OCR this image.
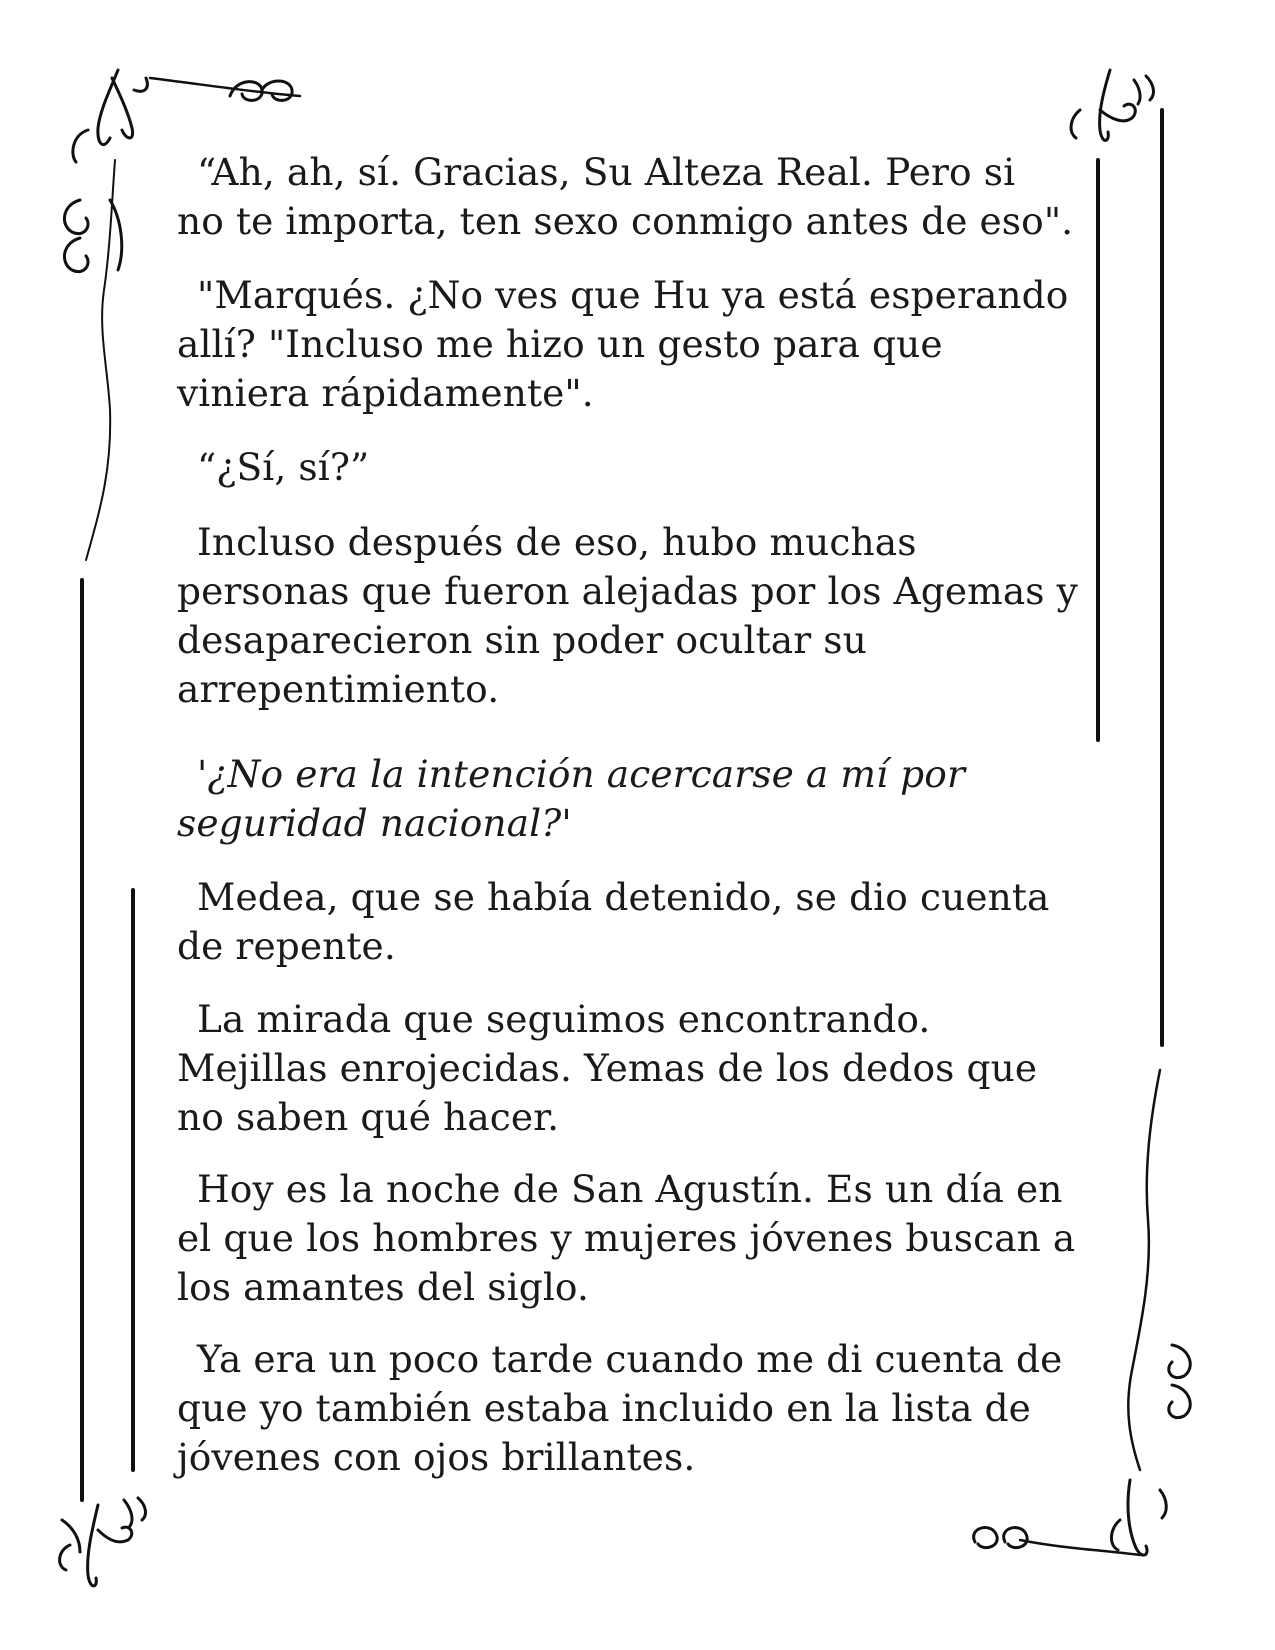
“Ah, ah, sí. Gracias, Su Alteza Real. Pero si
no te importa, ten sexo conmigo antes de eso".

"Marqués. ¿No ves que Hu ya está esperando
allí? "Incluso me hizo un gesto para que
viniera rápidamente".

“¿Sí, sí?”

Incluso después de eso, hubo muchas
personas que fueron alejadas por los Agemas y
desaparecieron sin poder ocultar su
arrepentimiento.

'¿No era la intención acercarse a mí por
seguridad nacional?'

Medea, que se había detenido, se dio cuenta
de repente.

La mirada que seguimos encontrando.
Mejillas enrojecidas. Yemas de los dedos que
no saben qué hacer.

Hoy es la noche de San Agustín. Es un día en
el que los hombres y mujeres jóvenes buscan a
los amantes del siglo.

Ya era un poco tarde cuando me di cuenta de
que yo también estaba incluido en la lista de
jóvenes con ojos brillantes.
